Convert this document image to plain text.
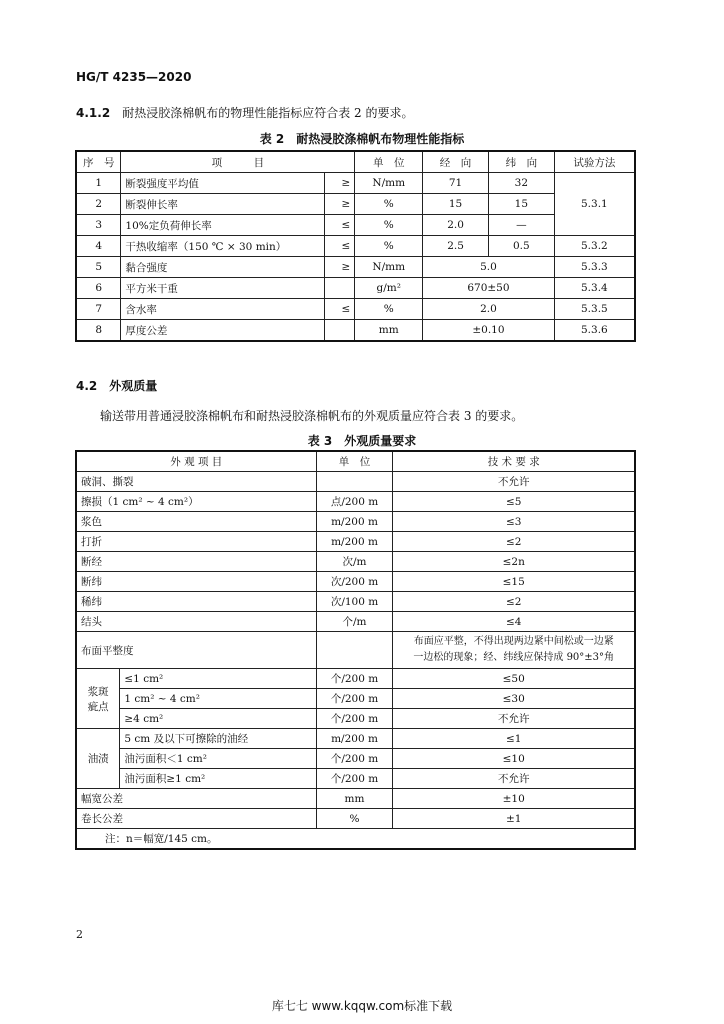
HG/T 4235—2020
4.1.2　 耐热浸胶涤棉帆布的物理性能指标应符合表 2 的要求。
表 2　耐热浸胶涤棉帆布物理性能指标
序　号	项　　　目		单　位	经　向	纬　向	试验方法
1	断裂强度平均值	≥	N/mm	71	32	5.3.1
2	断裂伸长率	≥	%	15	15	
3	10%定负荷伸长率	≤	%	2.0	—	
4	干热收缩率（150 ℃ × 30 min）	≤	%	2.5	0.5	5.3.2
5	黏合强度	≥	N/mm	5.0		5.3.3
6	平方米干重		g/m²	670±50		5.3.4
7	含水率	≤	%	2.0		5.3.5
8	厚度公差		mm	±0.10		5.3.6
4.2　外观质量
输送带用普通浸胶涤棉帆布和耐热浸胶涤棉帆布的外观质量应符合表 3 的要求。
表 3　外观质量要求
外 观 项 目		单　位	技 术 要 求
破洞、撕裂			不允许
擦损（1 cm² ~ 4 cm²）		点/200 m	≤5
浆色		m/200 m	≤3
打折		m/200 m	≤2
断经		次/m	≤2n
断纬		次/200 m	≤15
稀纬		次/100 m	≤2
结头		个/m	≤4
布面平整度			布面应平整，不得出现两边紧中间松或一边紧
一边松的现象；经、纬线应保持成 90°±3°角

浆斑
疵点	≤1 cm²	个/200 m	≤50
	1 cm² ~ 4 cm²	个/200 m	≤30
	≥4 cm²	个/200 m	不允许
油渍	5 cm 及以下可擦除的油经	m/200 m	≤1
	油污面积＜1 cm²	个/200 m	≤10
	油污面积≥1 cm²	个/200 m	不允许
幅宽公差		mm	±10
卷长公差		%	±1
注：n＝幅宽/145 cm。			
2
库七七 www.kqqw.com标准下载
